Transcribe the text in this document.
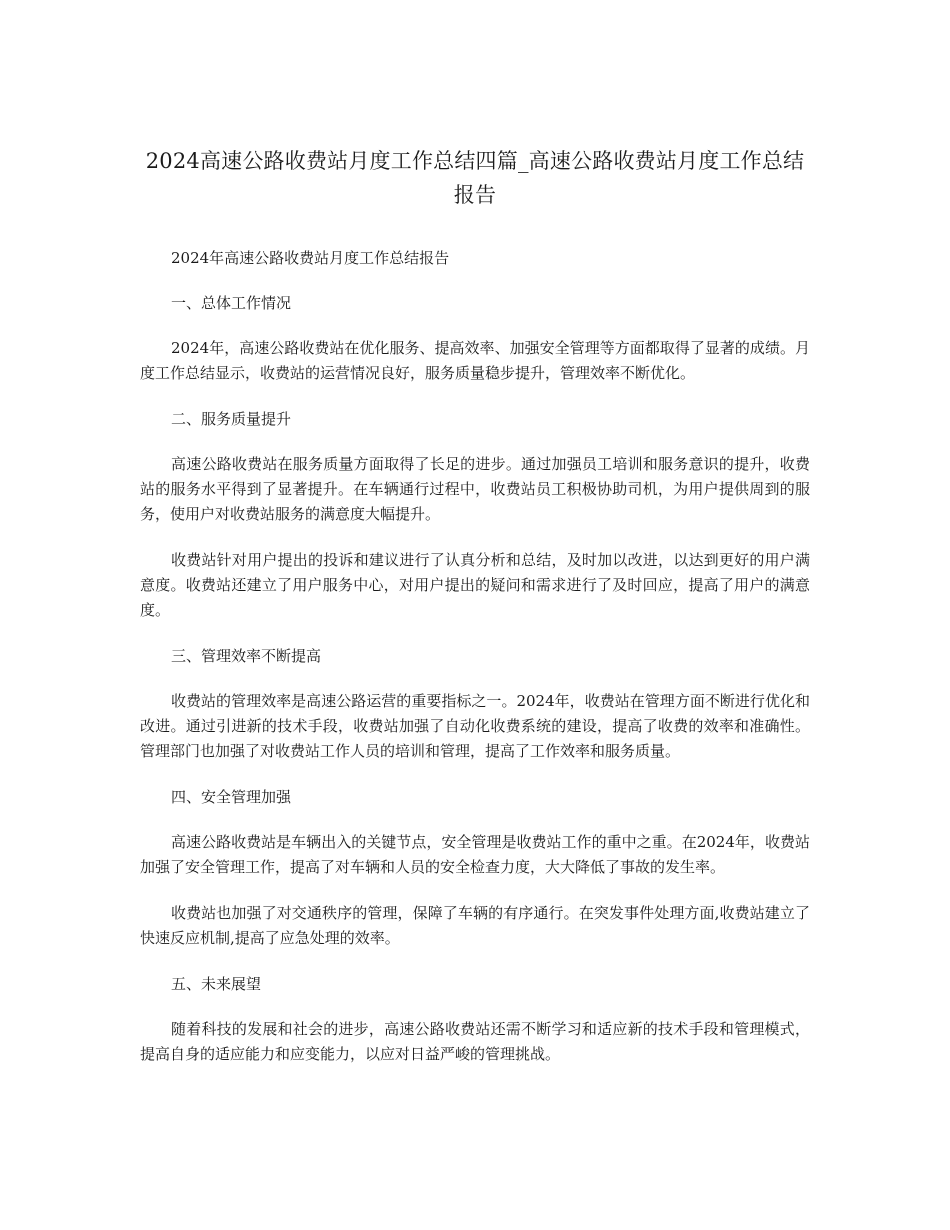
2024高速公路收费站月度工作总结四篇_高速公路收费站月度工作总结报告

2024年高速公路收费站月度工作总结报告

一、总体工作情况

2024年，高速公路收费站在优化服务、提高效率、加强安全管理等方面都取得了显著的成绩。月度工作总结显示，收费站的运营情况良好，服务质量稳步提升，管理效率不断优化。

二、服务质量提升

高速公路收费站在服务质量方面取得了长足的进步。通过加强员工培训和服务意识的提升，收费站的服务水平得到了显著提升。在车辆通行过程中，收费站员工积极协助司机，为用户提供周到的服务，使用户对收费站服务的满意度大幅提升。

收费站针对用户提出的投诉和建议进行了认真分析和总结，及时加以改进，以达到更好的用户满意度。收费站还建立了用户服务中心，对用户提出的疑问和需求进行了及时回应，提高了用户的满意度。

三、管理效率不断提高

收费站的管理效率是高速公路运营的重要指标之一。2024年，收费站在管理方面不断进行优化和改进。通过引进新的技术手段，收费站加强了自动化收费系统的建设，提高了收费的效率和准确性。管理部门也加强了对收费站工作人员的培训和管理，提高了工作效率和服务质量。

四、安全管理加强

高速公路收费站是车辆出入的关键节点，安全管理是收费站工作的重中之重。在2024年，收费站加强了安全管理工作，提高了对车辆和人员的安全检查力度，大大降低了事故的发生率。

收费站也加强了对交通秩序的管理，保障了车辆的有序通行。在突发事件处理方面,收费站建立了快速反应机制,提高了应急处理的效率。

五、未来展望

随着科技的发展和社会的进步，高速公路收费站还需不断学习和适应新的技术手段和管理模式，提高自身的适应能力和应变能力，以应对日益严峻的管理挑战。
